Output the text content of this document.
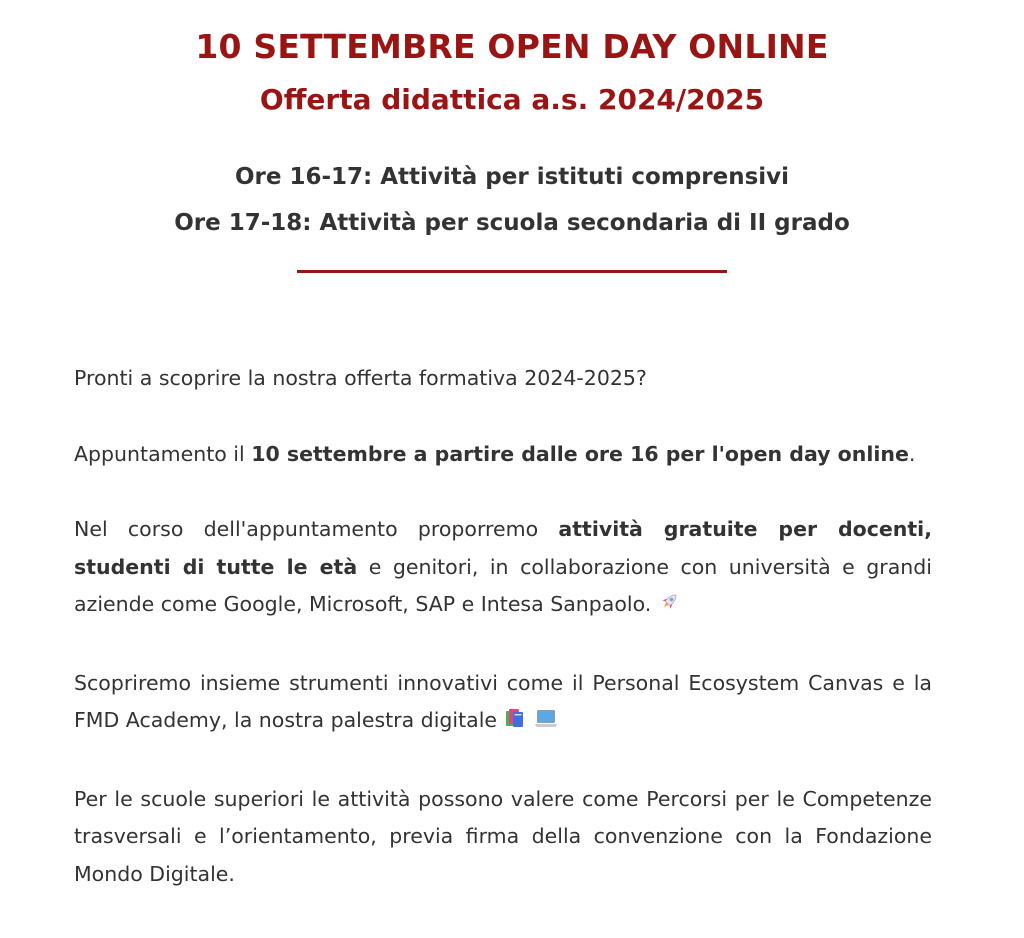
10 SETTEMBRE OPEN DAY ONLINE
Offerta didattica a.s. 2024/2025

Ore 16-17: Attività per istituti comprensivi

Ore 17-18: Attività per scuola secondaria di II grado

Pronti a scoprire la nostra offerta formativa 2024-2025?

Appuntamento il 10 settembre a partire dalle ore 16 per l'open day online.

Nel corso dell'appuntamento proporremo attività gratuite per docenti, studenti di tutte le età e genitori, in collaborazione con università e grandi aziende come Google, Microsoft, SAP e Intesa Sanpaolo.

Scopriremo insieme strumenti innovativi come il Personal Ecosystem Canvas e la FMD Academy, la nostra palestra digitale

Per le scuole superiori le attività possono valere come Percorsi per le Competenze trasversali e l’orientamento, previa firma della convenzione con la Fondazione Mondo Digitale.
